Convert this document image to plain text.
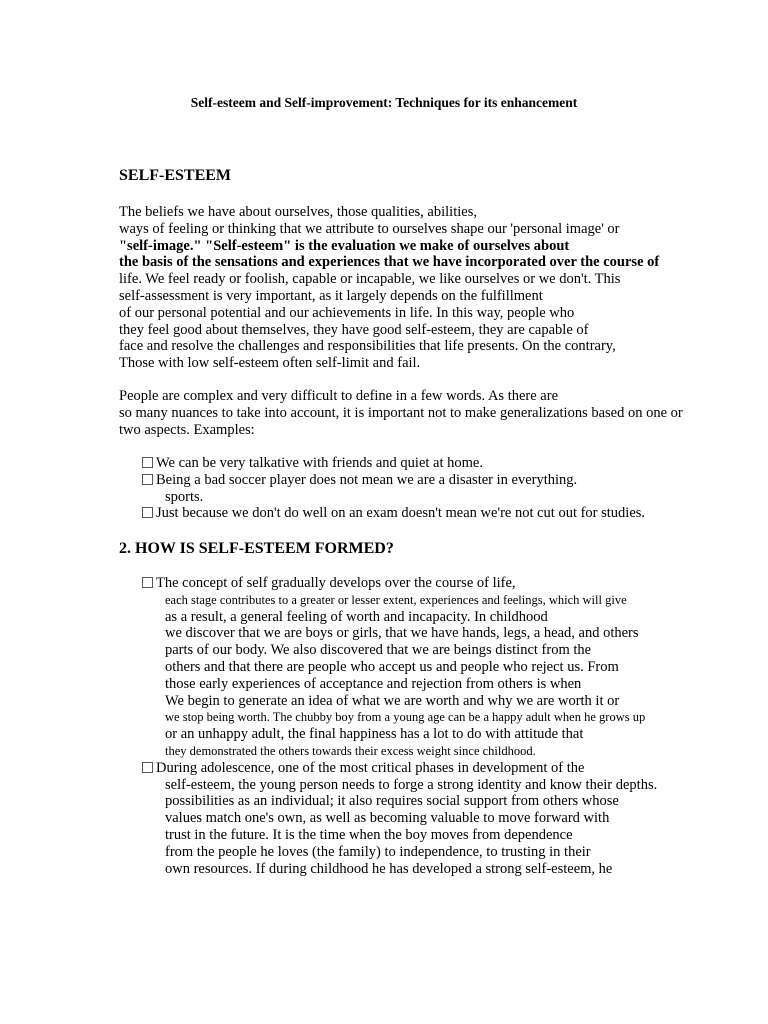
Self-esteem and Self-improvement: Techniques for its enhancement
SELF-ESTEEM
The beliefs we have about ourselves, those qualities, abilities,
ways of feeling or thinking that we attribute to ourselves shape our 'personal image' or
"self-image." "Self-esteem" is the evaluation we make of ourselves about
the basis of the sensations and experiences that we have incorporated over the course of
life. We feel ready or foolish, capable or incapable, we like ourselves or we don't. This
self-assessment is very important, as it largely depends on the fulfillment
of our personal potential and our achievements in life. In this way, people who
they feel good about themselves, they have good self-esteem, they are capable of
face and resolve the challenges and responsibilities that life presents. On the contrary,
Those with low self-esteem often self-limit and fail.
People are complex and very difficult to define in a few words. As there are
so many nuances to take into account, it is important not to make generalizations based on one or
two aspects. Examples:
We can be very talkative with friends and quiet at home.
Being a bad soccer player does not mean we are a disaster in everything.
sports.
Just because we don't do well on an exam doesn't mean we're not cut out for studies.
2. HOW IS SELF-ESTEEM FORMED?
The concept of self gradually develops over the course of life,
each stage contributes to a greater or lesser extent, experiences and feelings, which will give
as a result, a general feeling of worth and incapacity. In childhood
we discover that we are boys or girls, that we have hands, legs, a head, and others
parts of our body. We also discovered that we are beings distinct from the
others and that there are people who accept us and people who reject us. From
those early experiences of acceptance and rejection from others is when
We begin to generate an idea of what we are worth and why we are worth it or
we stop being worth. The chubby boy from a young age can be a happy adult when he grows up
or an unhappy adult, the final happiness has a lot to do with attitude that
they demonstrated the others towards their excess weight since childhood.
During adolescence, one of the most critical phases in development of the
self-esteem, the young person needs to forge a strong identity and know their depths.
possibilities as an individual; it also requires social support from others whose
values match one's own, as well as becoming valuable to move forward with
trust in the future. It is the time when the boy moves from dependence
from the people he loves (the family) to independence, to trusting in their
own resources. If during childhood he has developed a strong self-esteem, he
